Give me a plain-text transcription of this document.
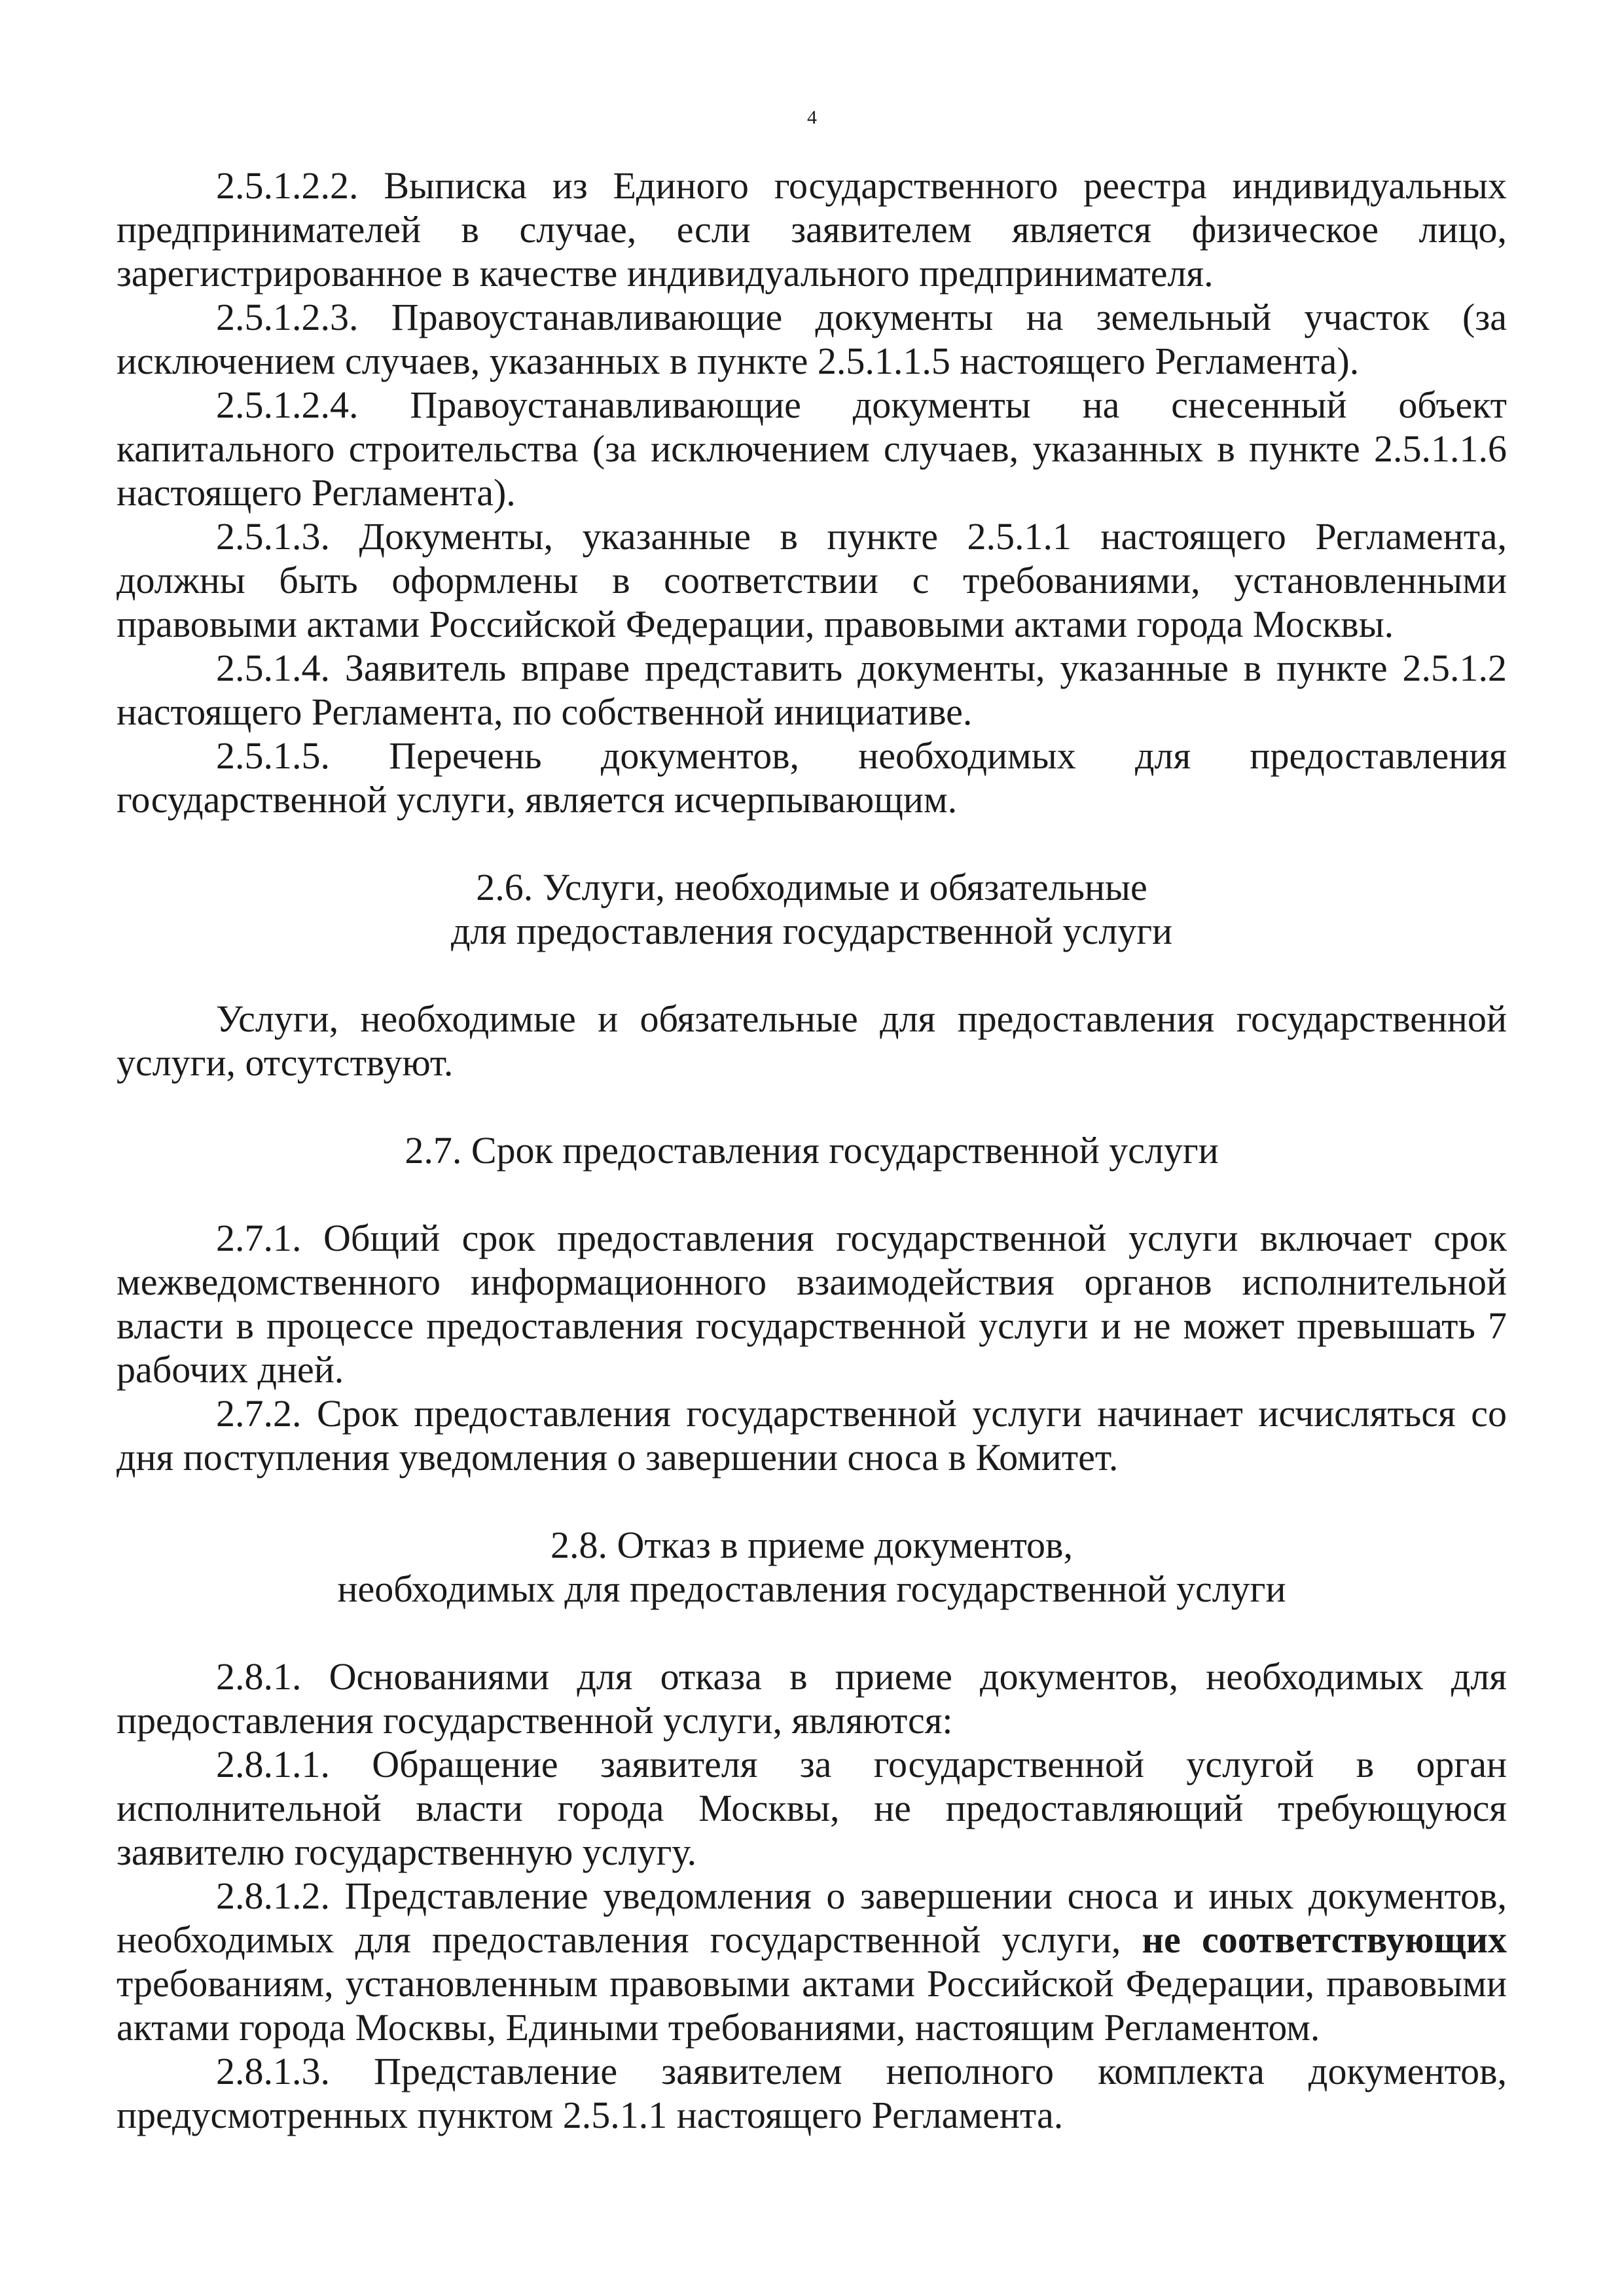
4

2.5.1.2.2. Выписка из Единого государственного реестра индивидуальных предпринимателей в случае, если заявителем является физическое лицо, зарегистрированное в качестве индивидуального предпринимателя.

2.5.1.2.3. Правоустанавливающие документы на земельный участок (за исключением случаев, указанных в пункте 2.5.1.1.5 настоящего Регламента).

2.5.1.2.4. Правоустанавливающие документы на снесенный объект капитального строительства (за исключением случаев, указанных в пункте 2.5.1.1.6 настоящего Регламента).

2.5.1.3. Документы, указанные в пункте 2.5.1.1 настоящего Регламента, должны быть оформлены в соответствии с требованиями, установленными правовыми актами Российской Федерации, правовыми актами города Москвы.

2.5.1.4. Заявитель вправе представить документы, указанные в пункте 2.5.1.2 настоящего Регламента, по собственной инициативе.

2.5.1.5. Перечень документов, необходимых для предоставления государственной услуги, является исчерпывающим.

2.6. Услуги, необходимые и обязательные

для предоставления государственной услуги

Услуги, необходимые и обязательные для предоставления государственной услуги, отсутствуют.

2.7. Срок предоставления государственной услуги

2.7.1. Общий срок предоставления государственной услуги включает срок межведомственного информационного взаимодействия органов исполнительной власти в процессе предоставления государственной услуги и не может превышать 7 рабочих дней.

2.7.2. Срок предоставления государственной услуги начинает исчисляться со дня поступления уведомления о завершении сноса в Комитет.

2.8. Отказ в приеме документов,

необходимых для предоставления государственной услуги

2.8.1. Основаниями для отказа в приеме документов, необходимых для предоставления государственной услуги, являются:

2.8.1.1. Обращение заявителя за государственной услугой в орган исполнительной власти города Москвы, не предоставляющий требующуюся заявителю государственную услугу.

2.8.1.2. Представление уведомления о завершении сноса и иных документов, необходимых для предоставления государственной услуги, не соответствующих требованиям, установленным правовыми актами Российской Федерации, правовыми актами города Москвы, Едиными требованиями, настоящим Регламентом.

2.8.1.3. Представление заявителем неполного комплекта документов, предусмотренных пунктом 2.5.1.1 настоящего Регламента.
